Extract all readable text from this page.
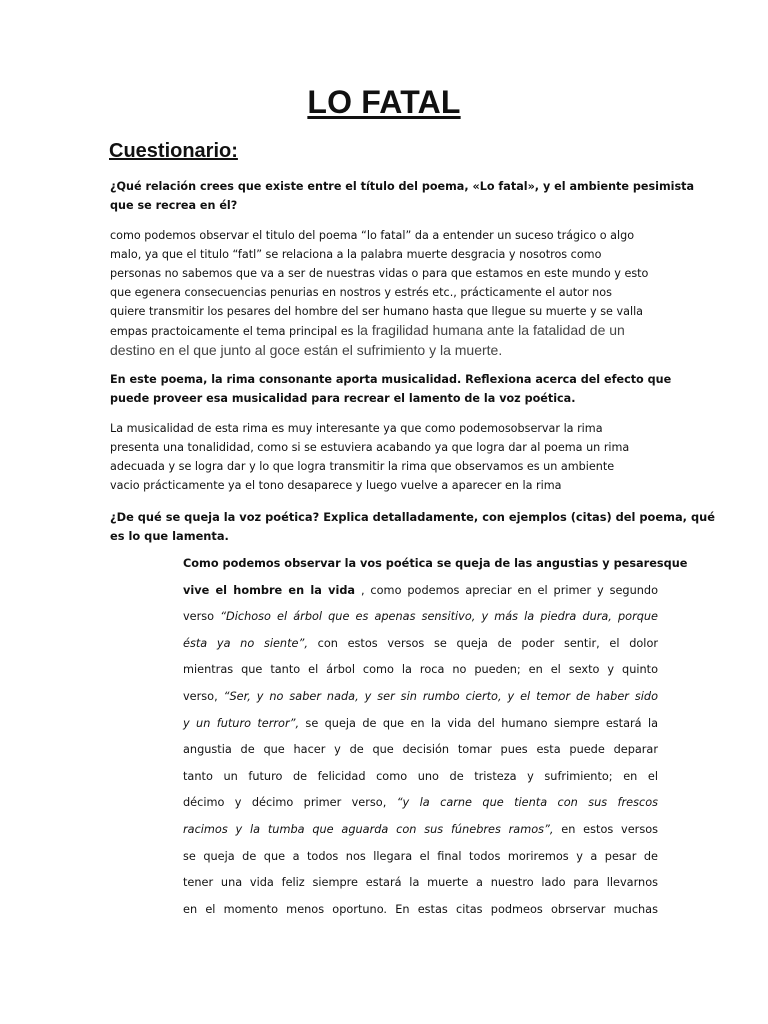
LO FATAL
Cuestionario:
¿Qué relación crees que existe entre el título del poema, «Lo fatal», y el ambiente pesimista
que se recrea en él?
como podemos observar el titulo del poema “lo fatal” da a entender un suceso trágico o algo
malo, ya que el titulo “fatl” se relaciona a la palabra muerte desgracia y nosotros como
personas no sabemos que va a ser de nuestras vidas o para que estamos en este mundo y esto
que egenera consecuencias penurias en nostros y estrés etc., prácticamente el autor nos
quiere transmitir los pesares del hombre del ser humano hasta que llegue su muerte y se valla
empas practoicamente el tema principal es la fragilidad humana ante la fatalidad de un
destino en el que junto al goce están el sufrimiento y la muerte.
En este poema, la rima consonante aporta musicalidad. Reflexiona acerca del efecto que
puede proveer esa musicalidad para recrear el lamento de la voz poética.
La musicalidad de esta rima es muy interesante ya que como podemosobservar la rima
presenta una tonalididad, como si se estuviera acabando ya que logra dar al poema un rima
adecuada y se logra dar y lo que logra transmitir la rima que observamos es un ambiente
vacio prácticamente ya el tono desaparece y luego vuelve a aparecer en la rima
¿De qué se queja la voz poética? Explica detalladamente, con ejemplos (citas) del poema, qué
es lo que lamenta.
Como podemos observar la vos poética se queja de las angustias y pesaresque
vive el hombre en la vida , como podemos apreciar en el primer y segundo
verso “Dichoso el árbol que es apenas sensitivo, y más la piedra dura, porque
ésta ya no siente”, con estos versos se queja de poder sentir, el dolor
mientras que tanto el árbol como la roca no pueden; en el sexto y quinto
verso, “Ser, y no saber nada, y ser sin rumbo cierto, y el temor de haber sido
y un futuro terror”, se queja de que en la vida del humano siempre estará la
angustia de que hacer y de que decisión tomar pues esta puede deparar
tanto un futuro de felicidad como uno de tristeza y sufrimiento; en el
décimo y décimo primer verso, “y la carne que tienta con sus frescos
racimos y la tumba que aguarda con sus fúnebres ramos”, en estos versos
se queja de que a todos nos llegara el final todos moriremos y a pesar de
tener una vida feliz siempre estará la muerte a nuestro lado para llevarnos
en el momento menos oportuno. En estas citas podmeos obrservar muchas
